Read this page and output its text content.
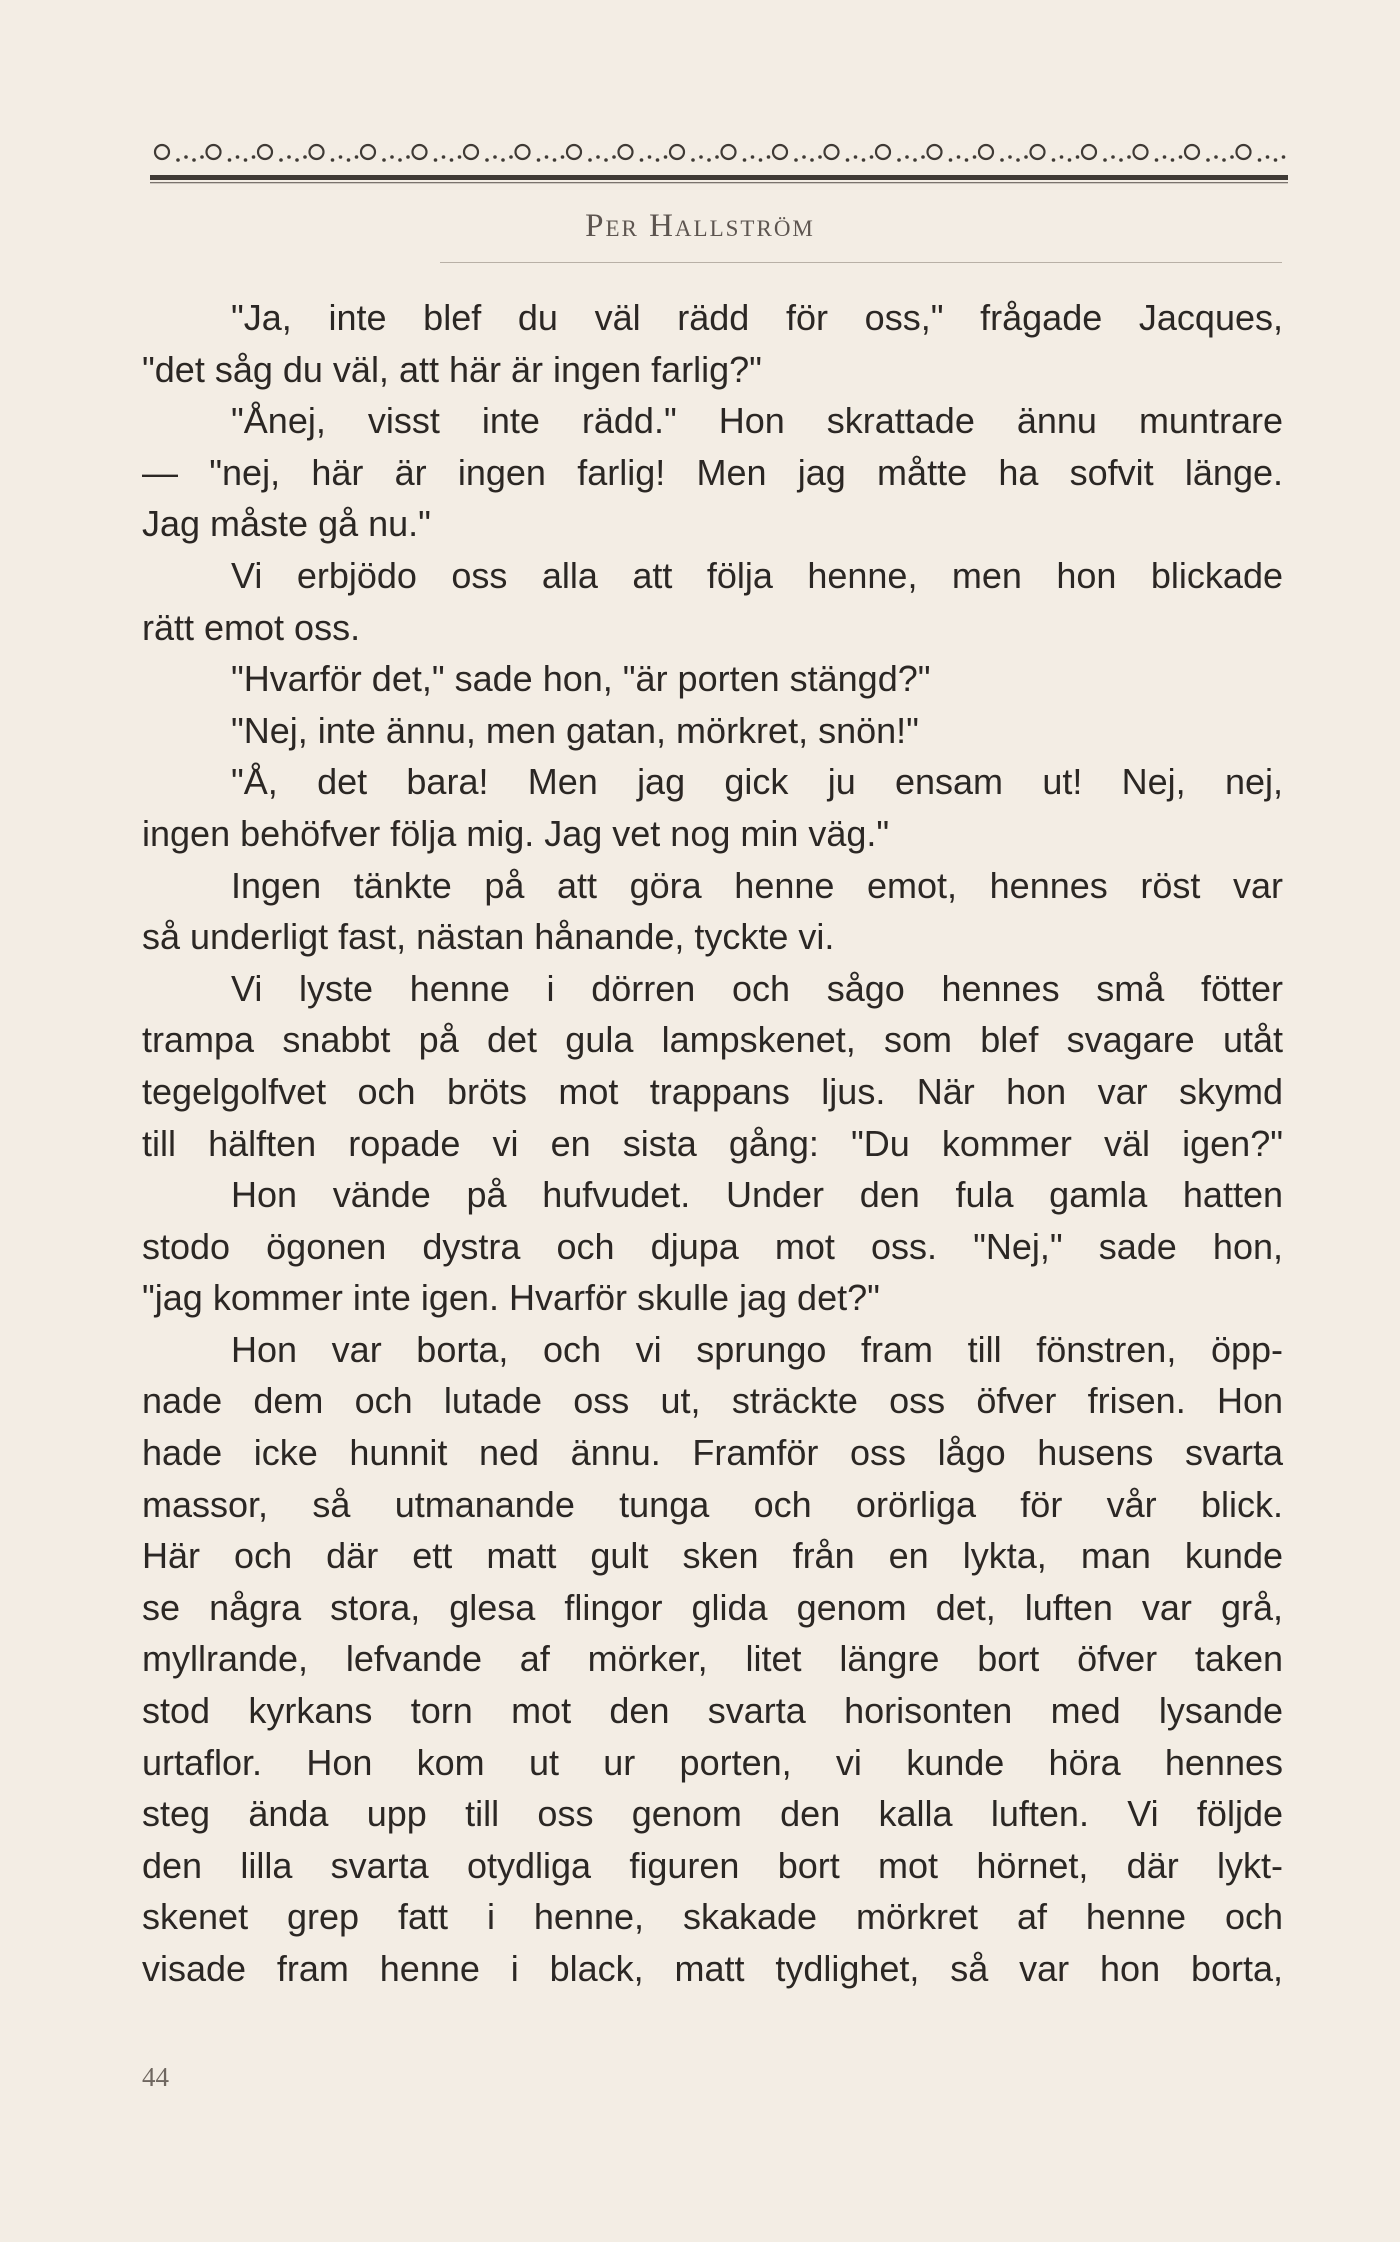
Per Hallström
"Ja, inte blef du väl rädd för oss," frågade Jacques,
"det såg du väl, att här är ingen farlig?"
"Ånej, visst inte rädd." Hon skrattade ännu muntrare
— "nej, här är ingen farlig! Men jag måtte ha sofvit länge.
Jag måste gå nu."
Vi erbjödo oss alla att följa henne, men hon blickade
rätt emot oss.
"Hvarför det," sade hon, "är porten stängd?"
"Nej, inte ännu, men gatan, mörkret, snön!"
"Å, det bara! Men jag gick ju ensam ut! Nej, nej,
ingen behöfver följa mig. Jag vet nog min väg."
Ingen tänkte på att göra henne emot, hennes röst var
så underligt fast, nästan hånande, tyckte vi.
Vi lyste henne i dörren och sågo hennes små fötter
trampa snabbt på det gula lampskenet, som blef svagare utåt
tegelgolfvet och bröts mot trappans ljus. När hon var skymd
till hälften ropade vi en sista gång: "Du kommer väl igen?"
Hon vände på hufvudet. Under den fula gamla hatten
stodo ögonen dystra och djupa mot oss. "Nej," sade hon,
"jag kommer inte igen. Hvarför skulle jag det?"
Hon var borta, och vi sprungo fram till fönstren, öpp-
nade dem och lutade oss ut, sträckte oss öfver frisen. Hon
hade icke hunnit ned ännu. Framför oss lågo husens svarta
massor, så utmanande tunga och orörliga för vår blick.
Här och där ett matt gult sken från en lykta, man kunde
se några stora, glesa flingor glida genom det, luften var grå,
myllrande, lefvande af mörker, litet längre bort öfver taken
stod kyrkans torn mot den svarta horisonten med lysande
urtaflor. Hon kom ut ur porten, vi kunde höra hennes
steg ända upp till oss genom den kalla luften. Vi följde
den lilla svarta otydliga figuren bort mot hörnet, där lykt-
skenet grep fatt i henne, skakade mörkret af henne och
visade fram henne i black, matt tydlighet, så var hon borta,
44
